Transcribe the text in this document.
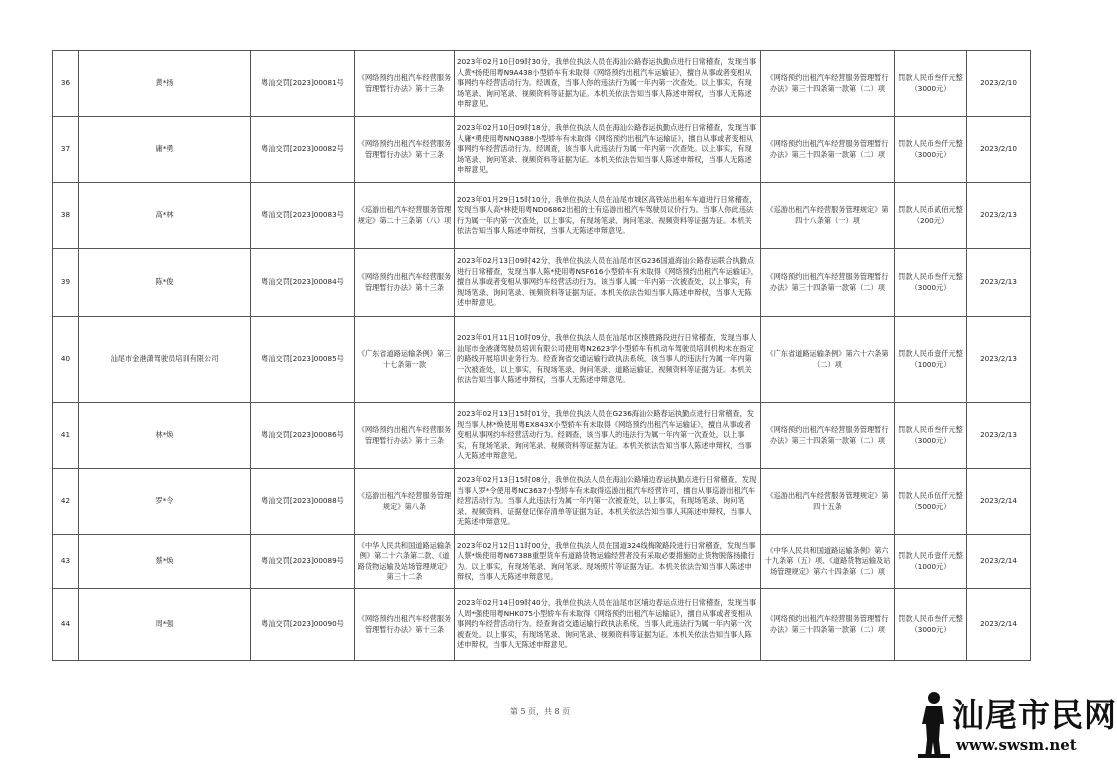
36	黄*扬	粤汕交罚[2023]00081号	《网络预约出租汽车经营服务管理暂行办法》第十三条	2023年02月10日09时30分，我单位执法人员在海汕公路春运执勤点进行日常稽查，发现当事人黄*扬使用粤N9A438小型轿车有未取得《网络预约出租汽车运输证》，擅自从事或者变相从事网约车经营活动行为。经调查，当事人你的违法行为属一年内第一次查处。以上事实，有现场笔录、询问笔录、视频资料等证据为证。本机关依法告知当事人陈述申辩权，当事人无陈述申辩意见。	《网络预约出租汽车经营服务管理暂行办法》第三十四条第一款第（二）项	罚款人民币叁仟元整（3000元）	2023/2/10
37	庸*勇	粤汕交罚[2023]00082号	《网络预约出租汽车经营服务管理暂行办法》第十三条	2023年02月10日09时18分，我单位执法人员在海汕公路春运执勤点进行日常稽查，发现当事人庸*勇使用粤NNQ388小型轿车有未取得《网络预约出租汽车运输证》，擅自从事或者变相从事网约车经营活动行为。经调查，该当事人此违法行为属一年内第一次查处。以上事实，有现场笔录、询问笔录、视频资料等证据为证。本机关依法告知当事人陈述申辩权，当事人无陈述申辩意见。	《网络预约出租汽车经营服务管理暂行办法》第三十四条第一款第（二）项	罚款人民币叁仟元整（3000元）	2023/2/10
38	高*林	粤汕交罚[2023]00083号	《巡游出租汽车经营服务管理规定》第二十三条第（八）项	2023年01月29日15时10分，我单位执法人员在汕尾市城区高铁站出租车车道进行日常稽查，发现当事人高*林使用粤ND06862出租的士有巡游出租汽车驾驶员议价行为。当事人你此违法行为属一年内第一次查处，以上事实，有现场笔录、询问笔录、视频资料等证据为证。本机关依法告知当事人陈述申辩权，当事人无陈述申辩意见。	《巡游出租汽车经营服务管理规定》第四十八条第（一）项	罚款人民币贰佰元整（200元）	2023/2/13
39	陈*俊	粤汕交罚[2023]00084号	《网络预约出租汽车经营服务管理暂行办法》第十三条	2023年02月13日09时42分，我单位执法人员在汕尾市区G236国道海汕公路春运联合执勤点进行日常稽查，发现当事人陈*使用粤NSF616小型轿车有未取得《网络预约出租汽车运输证》，擅自从事或者变相从事网约车经营活动行为。该当事人属一年内第一次被查处，以上事实，有现场笔录、询问笔录、视频资料等证据为证。本机关依法告知当事人陈述申辩权，当事人无陈述申辩意见。	《网络预约出租汽车经营服务管理暂行办法》第三十四条第一款第（二）项	罚款人民币叁仟元整（3000元）	2023/2/13
40	汕尾市金港潇驾驶员培训有限公司	粤汕交罚[2023]00085号	《广东省道路运输条例》第三十七条第一款	2023年01月11日10时09分，我单位执法人员在汕尾市区揍胜路段进行日常稽查，发现当事人汕尾市金港潇驾驶员培训有限公司使用粤N2623学小型轿车有机动车驾驶员培训机构未在指定的路线开展培训业务行为。经查询省交通运输行政执法系统，该当事人的违法行为属一年内第一次被查处，以上事实，有现场笔录、询问笔录、道路运输证、视频资料等证据为证。本机关依法告知当事人陈述申辩权，当事人无陈述申辩意见。	《广东省道路运输条例》第六十六条第（二）项	罚款人民币壹仟元整（1000元）	2023/2/13
41	林*焕	粤汕交罚[2023]00086号	《网络预约出租汽车经营服务管理暂行办法》第十三条	2023年02月13日15时01分，我单位执法人员在G236海汕公路春运执勤点进行日常稽查，发现当事人林*焕使用粤EX843X小型轿车有未取得《网络预约出租汽车运输证》，擅自从事或者变相从事网约车经营活动行为。经调查，该当事人的违法行为属一年内第一次查处，以上事实，有现场笔录、询问笔录、视频资料等证据为证。本机关依法告知当事人陈述申辩权，当事人无陈述申辩意见。	《网络预约出租汽车经营服务管理暂行办法》第三十四条第一款第（二）项	罚款人民币叁仟元整（3000元）	2023/2/13
42	罗*令	粤汕交罚[2023]00088号	《巡游出租汽车经营服务管理规定》第八条	2023年02月13日15时08分，我单位执法人员在海汕公路埔边春运执勤点进行日常稽查，发现当事人罗*令使用粤NC3637小型轿车有未取得巡游出租汽车经营许可，擅自从事巡游出租汽车经营活动行为。当事人此违法行为属一年内第一次被查处，以上事实，有现场笔录、询问笔录、视频资料、证据登记保存清单等证据为证。本机关依法告知当事人其陈述申辩权，当事人无陈述申辩意见。	《巡游出租汽车经营服务管理规定》第四十五条	罚款人民币伍仟元整（5000元）	2023/2/14
43	蔡*焕	粤汕交罚[2023]00089号	《中华人民共和国道路运输条例》第二十六条第二款、《道路货物运输及站场管理规定》第三十二条	2023年02月12日11时00分，我单位执法人员在国道324线梅陇路段进行日常稽查，发现当事人蔡*焕使用粤N67388重型货车有道路货物运输经营者没有采取必要措施防止货物脱落扬撒行为。以上事实，有现场笔录、询问笔录、现场照片等证据为证。本机关依法告知当事人陈述申辩权，当事人无陈述申辩意见。	《中华人民共和国道路运输条例》第六十九条第（五）项、《道路货物运输及站场管理规定》第六十四条第（二）项	罚款人民币壹仟元整（1000元）	2023/2/14
44	周*强	粤汕交罚[2023]00090号	《网络预约出租汽车经营服务管理暂行办法》第十三条	2023年02月14日09时40分，我单位执法人员在汕尾市区埔边春运点进行日常稽查，发现当事人周*强使用粤NHK075小型轿车有未取得《网络预约出租汽车运输证》，擅自从事或者变相从事网约车经营活动行为。经查询省交通运输行政执法系统，当事人此违法行为属一年内第一次被查处。以上事实，有现场笔录、询问笔录、视频资料等证据为证。本机关依法告知当事人陈述申辩权，当事人无陈述申辩意见。	《网络预约出租汽车经营服务管理暂行办法》第三十四条第一款第（二）项	罚款人民币叁仟元整（3000元）	2023/2/14
第 5 页，共 8 页	汕尾市民网
www.swsm.net
